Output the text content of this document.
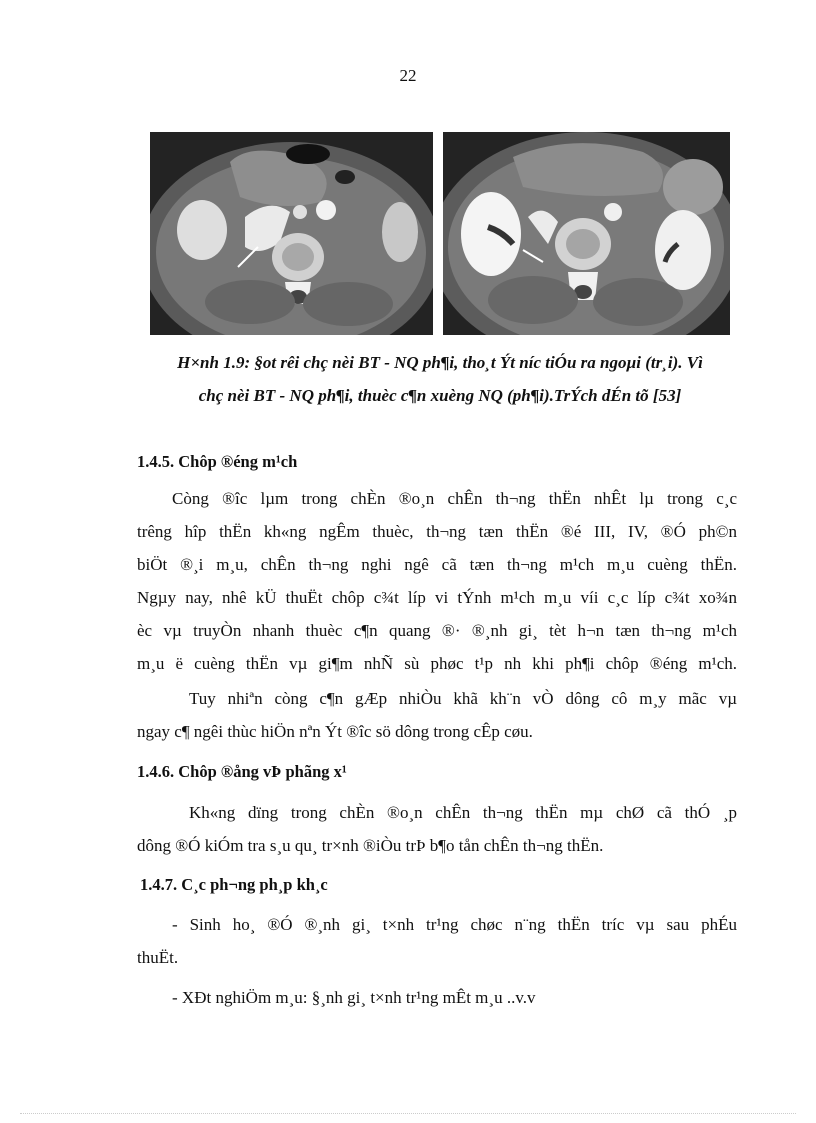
22
H×nh 1.9: §ot rêi chç nèi BT - NQ ph¶i, tho¸t Ýt níc tiÓu ra ngoµi (tr¸i). Vì
chç nèi BT - NQ ph¶i, thuèc c¶n xuèng NQ (ph¶i).TrÝch dÉn tõ [53]
1.4.5. Chôp ®éng m¹ch
Còng ®îc lµm trong chÈn ®o¸n chÊn th¬ng thËn nhÊt lµ trong c¸c
trêng hîp thËn kh«ng ngÊm thuèc, th¬ng tæn thËn ®é III, IV, ®Ó ph©n
biÖt ®¸i m¸u, chÊn th¬ng nghi ngê cã tæn th¬ng m¹ch m¸u cuèng thËn.
Ngµy nay, nhê kÜ thuËt chôp c¾t líp vi tÝnh m¹ch m¸u víi c¸c líp c¾t xo¾n
èc vµ truyÒn nhanh thuèc c¶n quang ®· ®¸nh gi¸ tèt h¬n tæn th¬ng m¹ch
m¸u ë cuèng thËn vµ gi¶m nhÑ sù phøc t¹p nh khi ph¶i chôp ®éng m¹ch.
Tuy nhiªn còng c¶n gÆp nhiÒu khã kh¨n vÒ dông cô m¸y mãc vµ
ngay c¶ ngêi thùc hiÖn nªn Ýt ®îc sö dông trong cÊp cøu.
1.4.6. Chôp ®ång vÞ phãng x¹
Kh«ng dïng trong chÈn ®o¸n chÊn th¬ng thËn mµ chØ cã thÓ ¸p
dông ®Ó kiÓm tra s¸u qu¸ tr×nh ®iÒu trÞ b¶o tån chÊn th¬ng thËn.
1.4.7. C¸c ph¬ng ph¸p kh¸c
- Sinh ho¸ ®Ó ®¸nh gi¸ t×nh tr¹ng chøc n¨ng thËn tríc vµ sau phÉu
thuËt.
- XÐt nghiÖm m¸u: §¸nh gi¸ t×nh tr¹ng mÊt m¸u ..v.v
